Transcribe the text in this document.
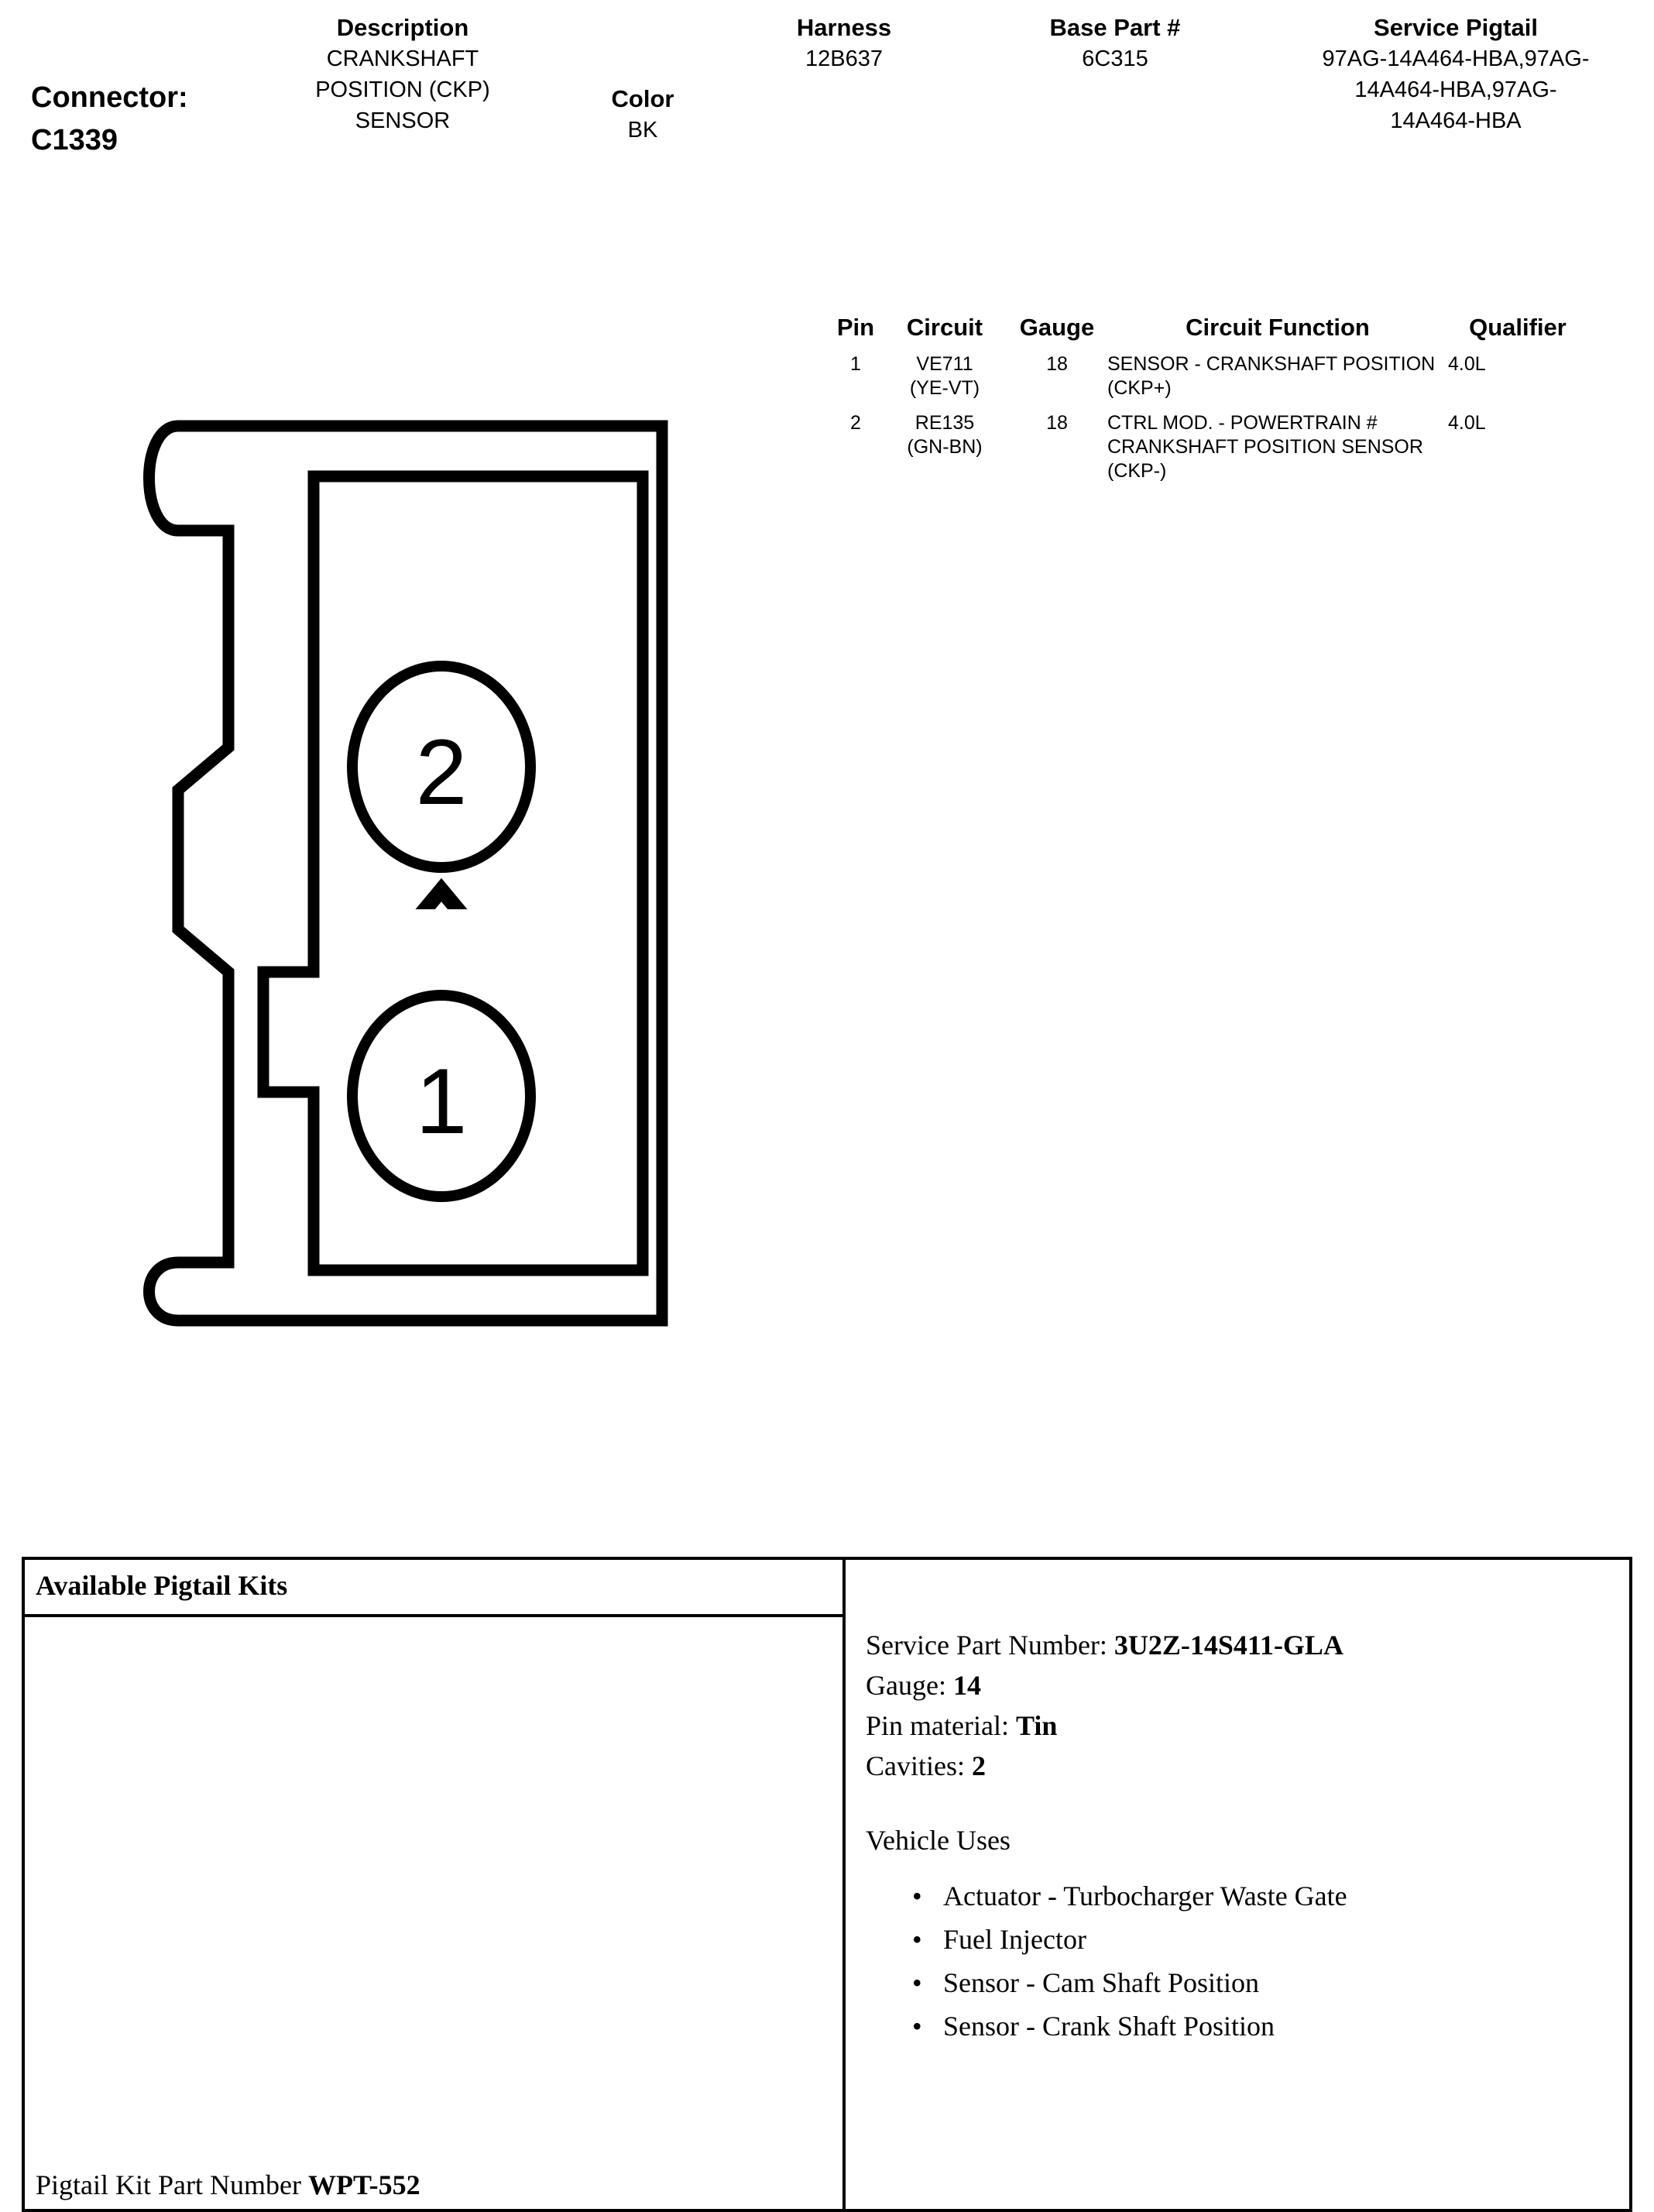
Connector:
C1339
Description
CRANKSHAFT POSITION (CKP) SENSOR
Color
BK
Harness
12B637
Base Part #
6C315
Service Pigtail
97AG-14A464-HBA,97AG-14A464-HBA,97AG-14A464-HBA
Pin	Circuit	Gauge	Circuit Function	Qualifier
1	VE711
(YE-VT)	18	SENSOR - CRANKSHAFT POSITION (CKP+)	4.0L
2	RE135
(GN-BN)	18	CTRL MOD. - POWERTRAIN # CRANKSHAFT POSITION SENSOR (CKP-)	4.0L
2
1
Available Pigtail Kits
Pigtail Kit Part Number WPT-552
Service Part Number: 3U2Z-14S411-GLA
Gauge: 14
Pin material: Tin
Cavities: 2
Vehicle Uses
• Actuator - Turbocharger Waste Gate
• Fuel Injector
• Sensor - Cam Shaft Position
• Sensor - Crank Shaft Position
